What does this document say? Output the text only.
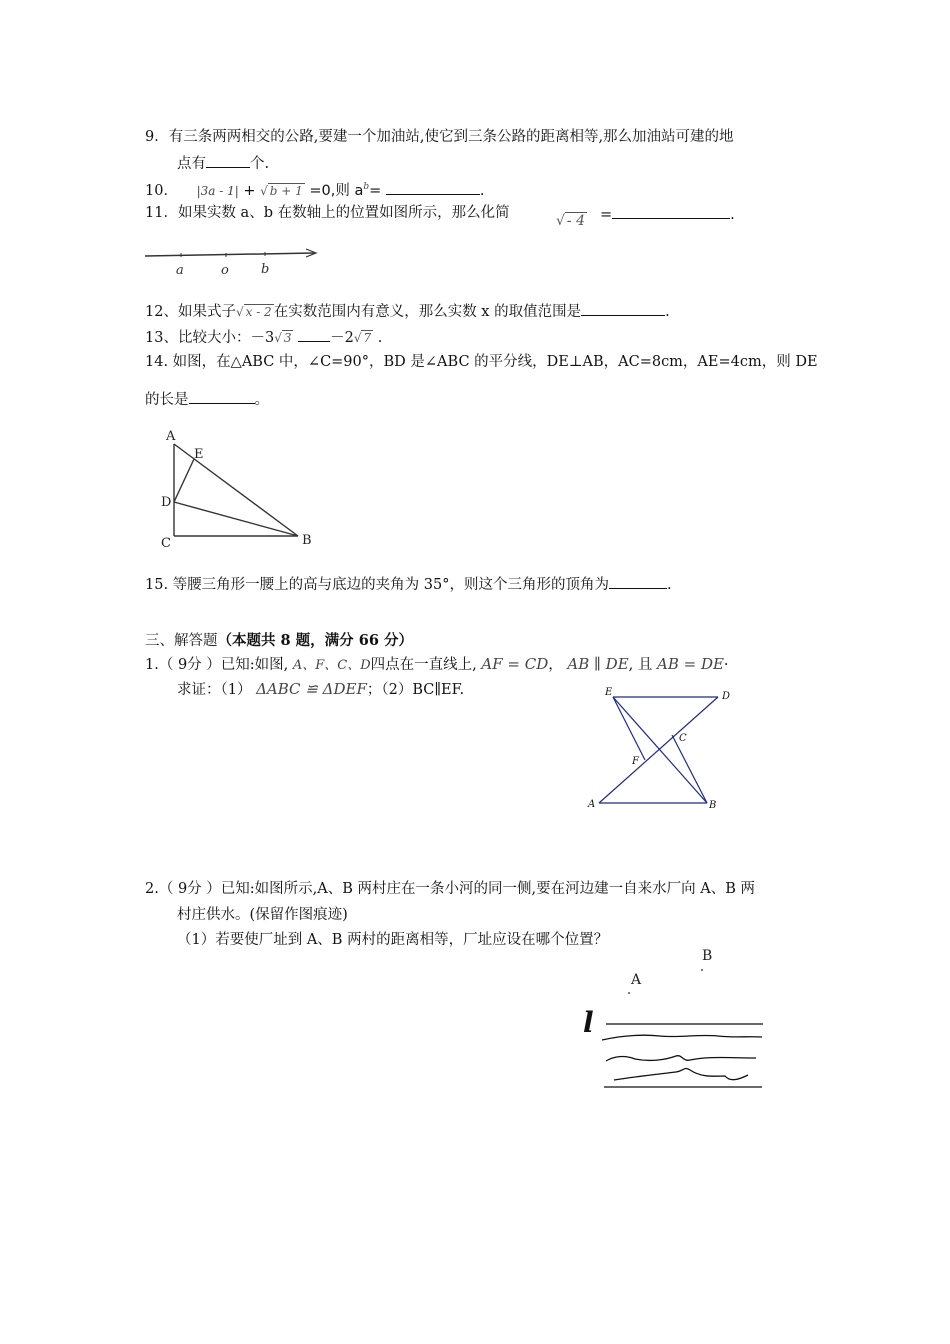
9．有三条两两相交的公路,要建一个加油站,使它到三条公路的距离相等,那么加油站可建的地
点有	个.
10． |3a - 1| + √ b + 1 =0,则 $a^b=$	.
11．如果实数 a、b 在数轴上的位置如图所示，那么化简	√ - 4 =	.
a	o b
12、如果式子√ x - 2 在实数范围内有意义，那么实数 x 的取值范围是	.
13、比较大小：－3√ 3	－2√ 7 .
14. 如图，在△ABC 中，∠C=90°，BD 是∠ABC 的平分线，DE⊥AB，AC=8cm，AE=4cm，则 DE
的长是	。
A
E
D
C	B
15. 等腰三角形一腰上的高与底边的夹角为 35°，则这个三角形的顶角为	.
三、解答题（本题共 8 题，满分 66 分）
1.（ 9分 ）已知:如图, A、F、C、D四点在一直线上, AF = CD， AB ∥ DE, 且 AB = DE·
求证：（1） ΔABC ≌ ΔDEF；（2）BC∥EF.	E	D
C
F
A	B
2.（ 9分 ）已知:如图所示,A、B 两村庄在一条小河的同一侧,要在河边建一自来水厂向 A、B 两
村庄供水。(保留作图痕迹)
（1）若要使厂址到 A、B 两村的距离相等，厂址应设在哪个位置？
B
A
l
